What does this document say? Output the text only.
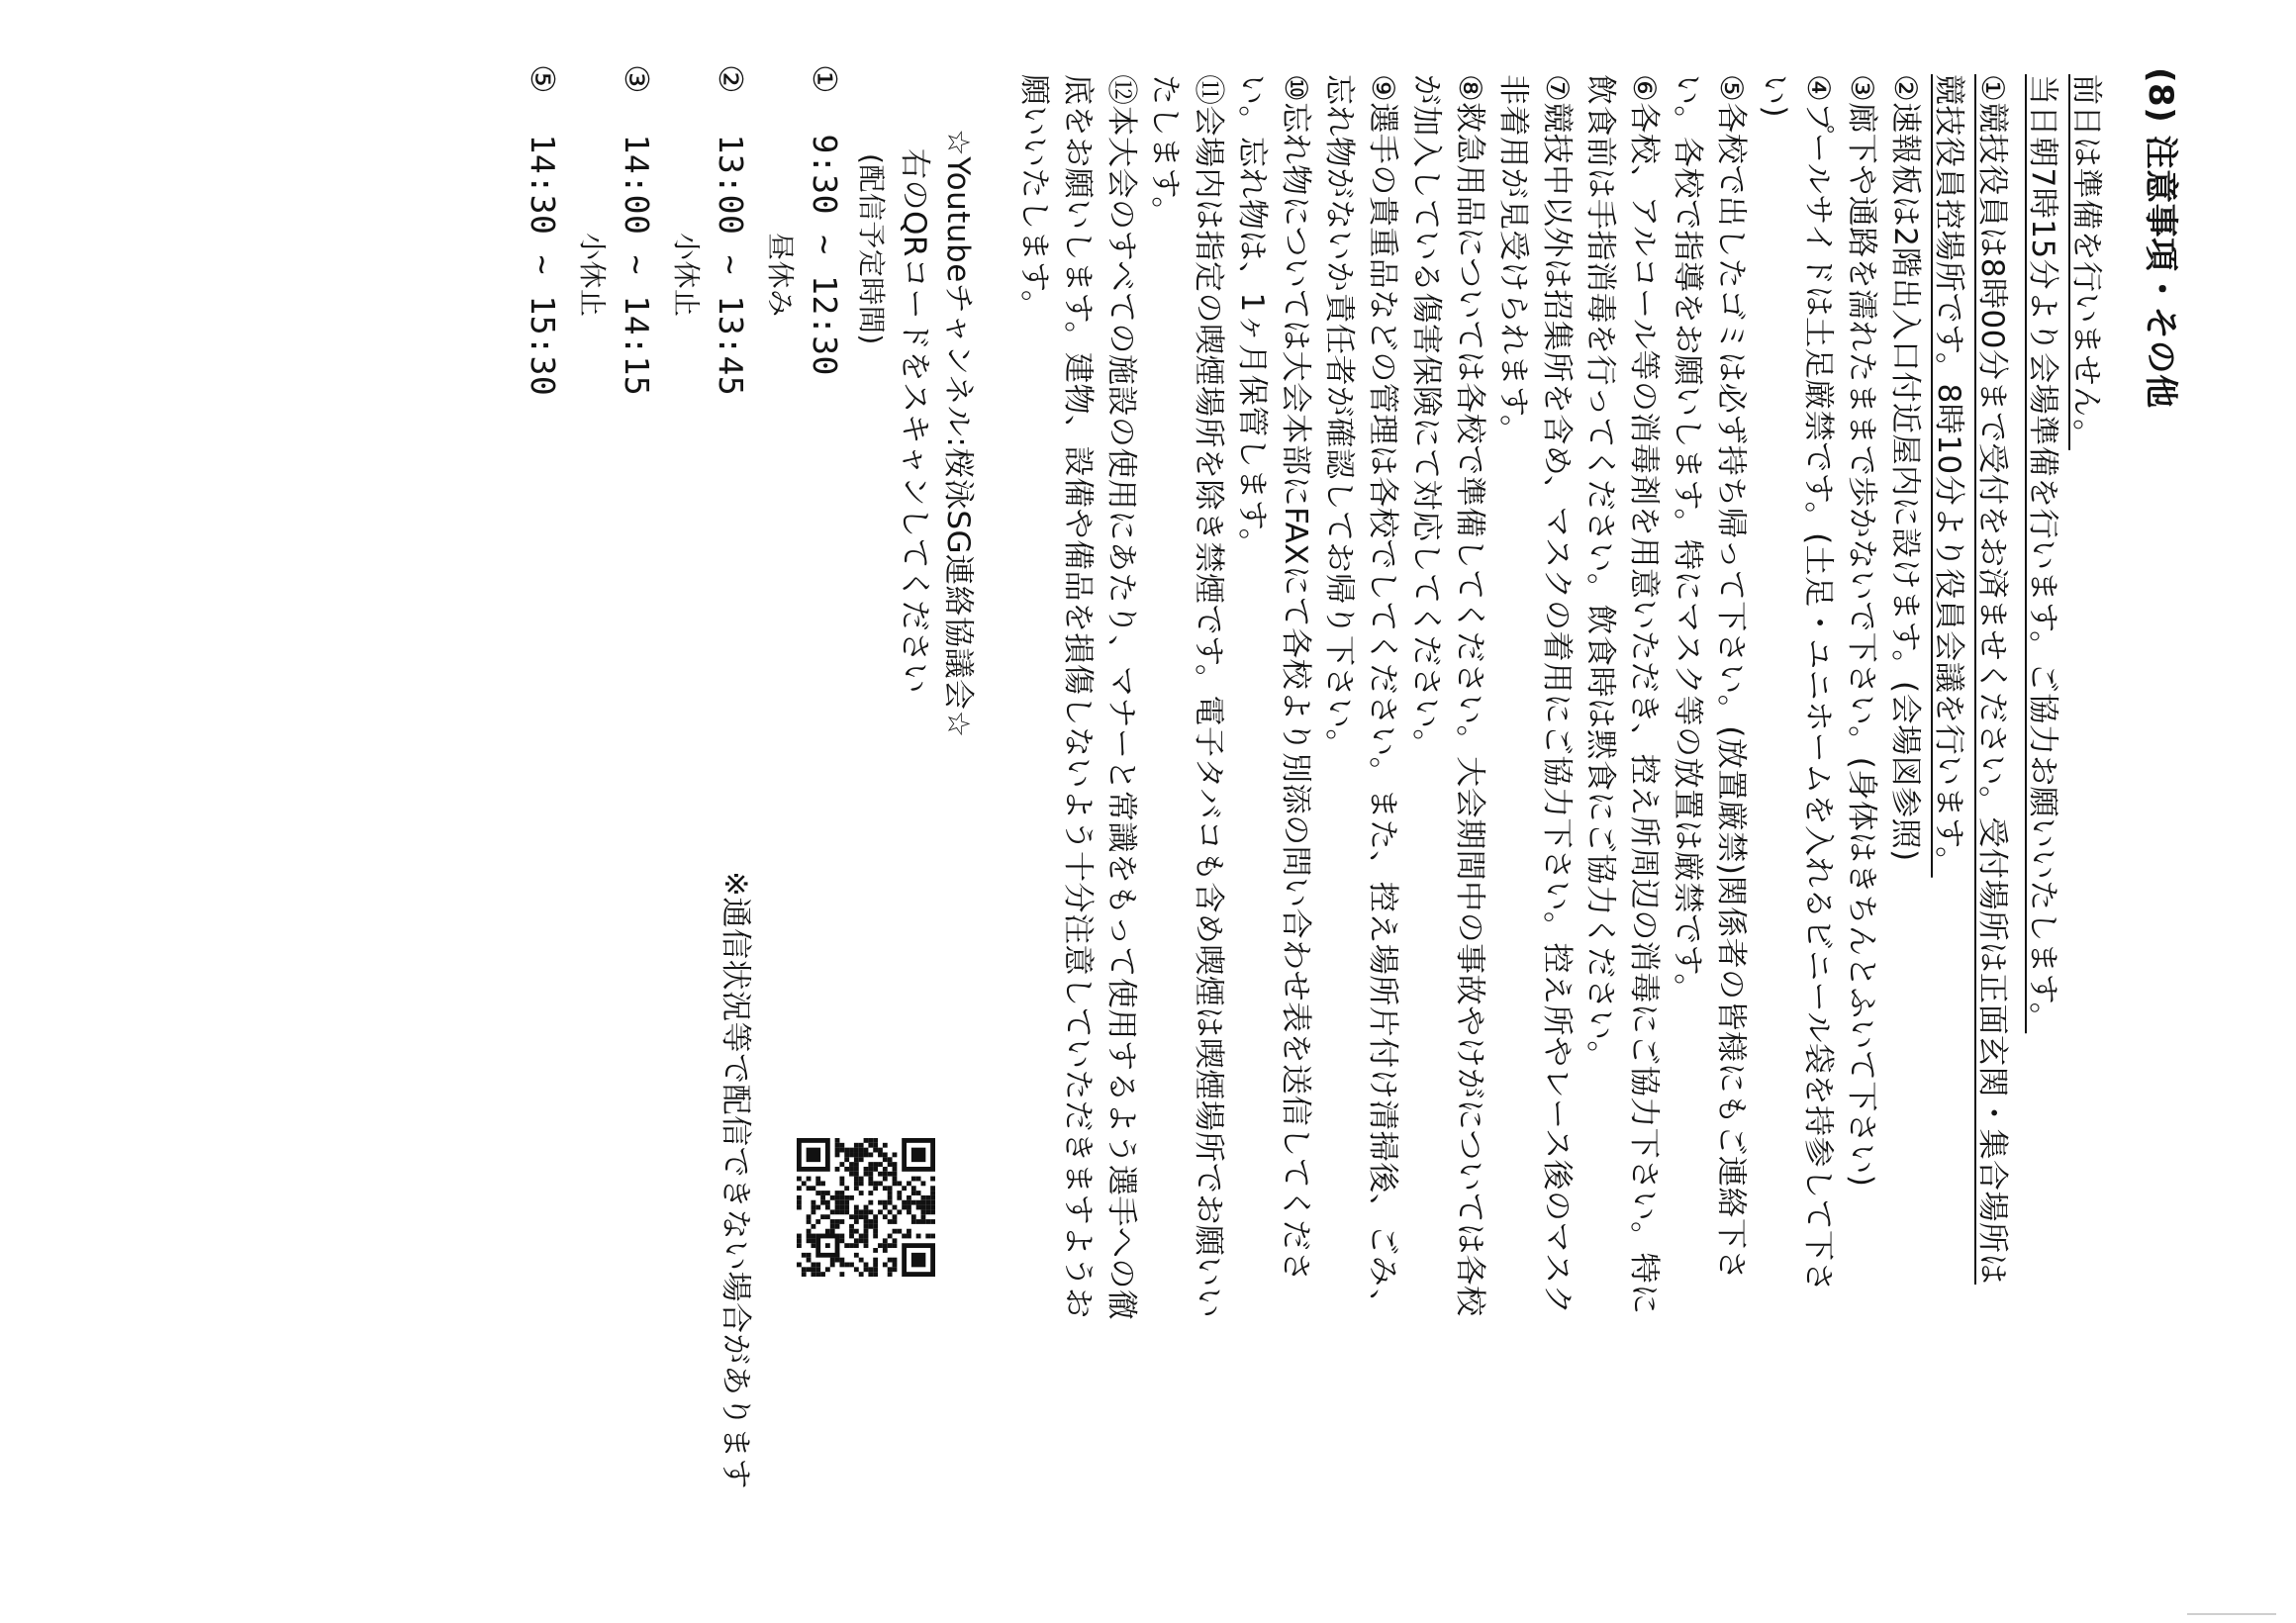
(8) 注意事項・その他
前日は準備を行いません。
当日朝7時15分より会場準備を行います。ご協力お願いいたします。
①競技役員は8時00分まで受付をお済ませください。受付場所は正面玄関・集合場所は
競技役員控場所です。8時10分より役員会議を行います。
②速報板は2階出入口付近屋内に設けます。(会場図参照)
③廊下や通路を濡れたままで歩かないで下さい。(身体はきちんとふいて下さい)
④プールサイドは土足厳禁です。(土足・ユニホームを入れるビニール袋を持参して下さ
い)
⑤各校で出したゴミは必ず持ち帰って下さい。(放置厳禁)関係者の皆様にもご連絡下さ
い。各校で指導をお願いします。特にマスク等の放置は厳禁です。
⑥各校、アルコール等の消毒剤を用意いただき、控え所周辺の消毒にご協力下さい。特に
飲食前は手指消毒を行ってください。飲食時は黙食にご協力ください。
⑦競技中以外は招集所を含め、マスクの着用にご協力下さい。控え所やレース後のマスク
非着用が見受けられます。
⑧救急用品については各校で準備してください。大会期間中の事故やけがについては各校
が加入している傷害保険にて対応してください。
⑨選手の貴重品などの管理は各校でしてください。また、控え場所片付け清掃後、ごみ、
忘れ物がないか責任者が確認してお帰り下さい。
⑩忘れ物については大会本部にFAXにて各校より別添の問い合わせ表を送信してくださ
い。忘れ物は、1ヶ月保管します。
⑪会場内は指定の喫煙場所を除き禁煙です。電子タバコも含め喫煙は喫煙場所でお願いい
たします。
⑫本大会のすべての施設の使用にあたり、マナーと常識をもって使用するよう選手への徹
底をお願いします。建物、設備や備品を損傷しないよう十分注意していただきますようお
願いいたします。
☆Youtubeチャンネル:桜泳SG連絡協議会☆
右のQRコードをスキャンしてください
(配信予定時間)
① 9:30 ~ 12:30
昼休み
② 13:00 ~ 13:45
小休止
③ 14:00 ~ 14:15
小休止
⑤ 14:30 ~ 15:30
※通信状況等で配信できない場合があります
